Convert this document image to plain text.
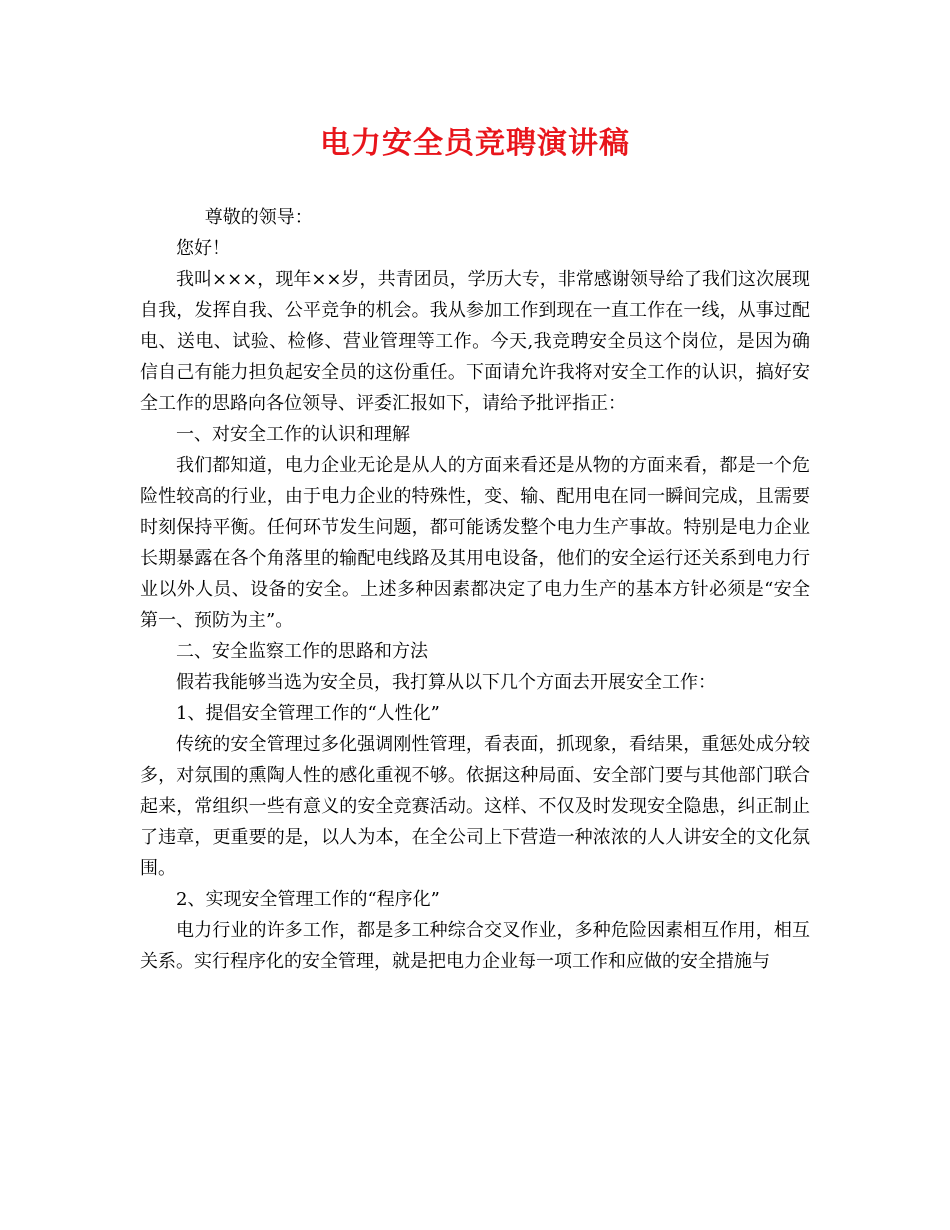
电力安全员竞聘演讲稿

尊敬的领导：

您好！

我叫×××，现年××岁，共青团员，学历大专，非常感谢领导给了我们这次展现自我，发挥自我、公平竞争的机会。我从参加工作到现在一直工作在一线，从事过配电、送电、试验、检修、营业管理等工作。今天,我竞聘安全员这个岗位，是因为确信自己有能力担负起安全员的这份重任。下面请允许我将对安全工作的认识，搞好安全工作的思路向各位领导、评委汇报如下，请给予批评指正：

一、对安全工作的认识和理解

我们都知道，电力企业无论是从人的方面来看还是从物的方面来看，都是一个危险性较高的行业，由于电力企业的特殊性，变、输、配用电在同一瞬间完成，且需要时刻保持平衡。任何环节发生问题，都可能诱发整个电力生产事故。特别是电力企业长期暴露在各个角落里的输配电线路及其用电设备，他们的安全运行还关系到电力行业以外人员、设备的安全。上述多种因素都决定了电力生产的基本方针必须是“安全第一、预防为主”。

二、安全监察工作的思路和方法

假若我能够当选为安全员，我打算从以下几个方面去开展安全工作：

1、提倡安全管理工作的“人性化”

传统的安全管理过多化强调刚性管理，看表面，抓现象，看结果，重惩处成分较多，对氛围的熏陶人性的感化重视不够。依据这种局面、安全部门要与其他部门联合起来，常组织一些有意义的安全竞赛活动。这样、不仅及时发现安全隐患，纠正制止了违章，更重要的是，以人为本，在全公司上下营造一种浓浓的人人讲安全的文化氛围。

2、实现安全管理工作的“程序化”

电力行业的许多工作，都是多工种综合交叉作业，多种危险因素相互作用，相互关系。实行程序化的安全管理，就是把电力企业每一项工作和应做的安全措施与
